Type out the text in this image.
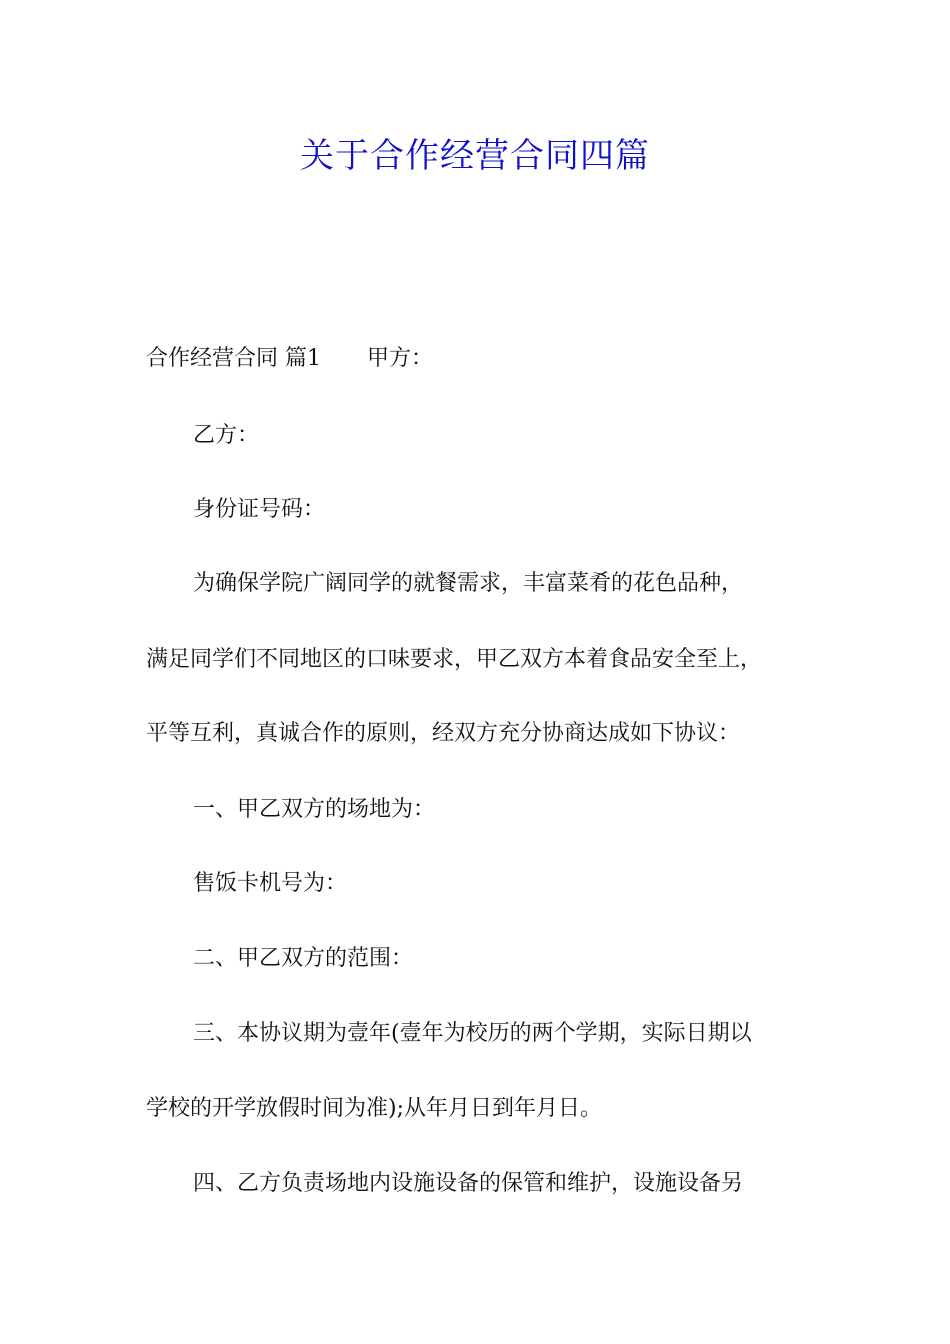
关于合作经营合同四篇
合作经营合同 篇1 甲方：
乙方：
身份证号码：
为确保学院广阔同学的就餐需求，丰富菜肴的花色品种，
满足同学们不同地区的口味要求，甲乙双方本着食品安全至上，
平等互利，真诚合作的原则，经双方充分协商达成如下协议：
一、甲乙双方的场地为：
售饭卡机号为：
二、甲乙双方的范围：
三、本协议期为壹年(壹年为校历的两个学期，实际日期以
学校的开学放假时间为准);从年月日到年月日。
四、乙方负责场地内设施设备的保管和维护，设施设备另
